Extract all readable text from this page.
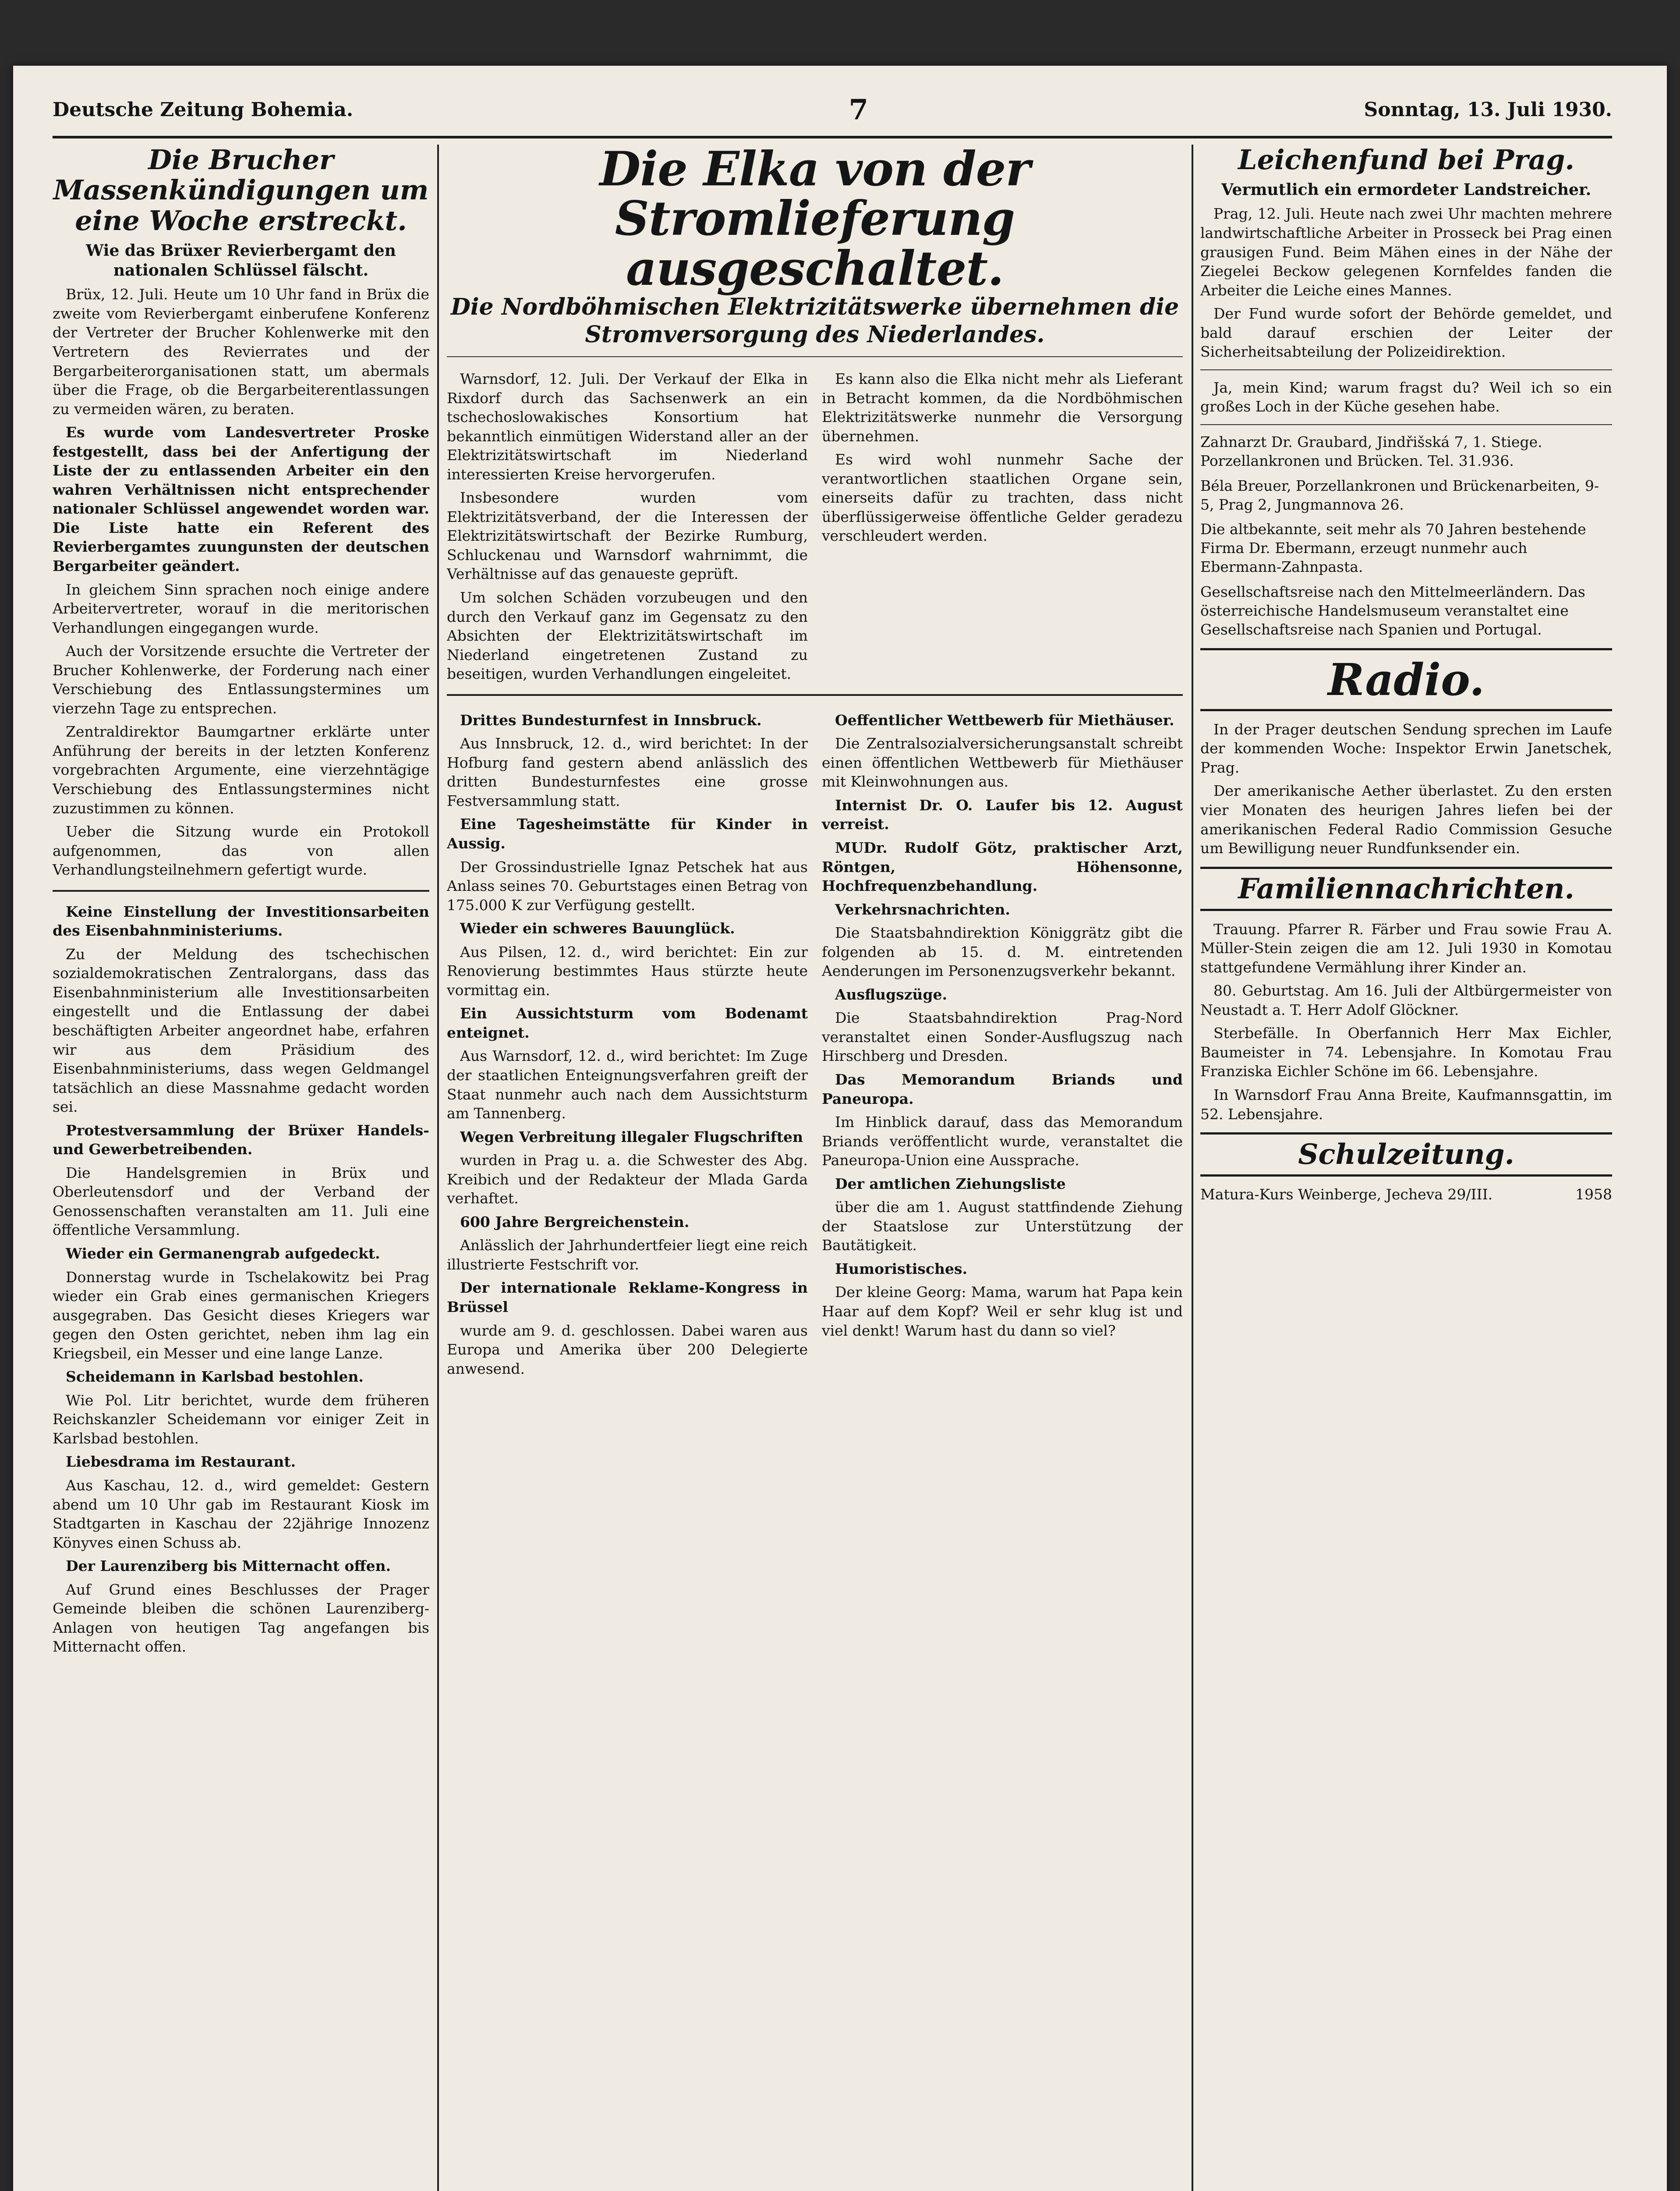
Deutsche Zeitung Bohemia.	7	Sonntag, 13. Juli 1930.
Die Brucher Massenkündigungen um eine Woche erstreckt.
Wie das Brüxer Revierbergamt den nationalen Schlüssel fälscht.

Brüx, 12. Juli. Heute um 10 Uhr fand in Brüx die zweite vom Revierbergamt einberufene Konferenz der Vertreter der Brucher Kohlenwerke mit den Vertretern des Revierrates und der Bergarbeiterorganisationen statt, um abermals über die Frage, ob die Bergarbeiterentlassungen zu vermeiden wären, zu beraten.

Es wurde vom Landesvertreter Proske festgestellt, dass bei der Anfertigung der Liste der zu entlassenden Arbeiter ein den wahren Verhältnissen nicht entsprechender nationaler Schlüssel angewendet worden war. Die Liste hatte ein Referent des Revierbergamtes zuungunsten der deutschen Bergarbeiter geändert.

In gleichem Sinn sprachen noch einige andere Arbeitervertreter, worauf in die meritorischen Verhandlungen eingegangen wurde.

Auch der Vorsitzende ersuchte die Vertreter der Brucher Kohlenwerke, der Forderung nach einer Verschiebung des Entlassungstermines um vierzehn Tage zu entsprechen.

Zentraldirektor Baumgartner erklärte unter Anführung der bereits in der letzten Konferenz vorgebrachten Argumente, eine vierzehntägige Verschiebung des Entlassungstermines nicht zuzustimmen zu können.

Ueber die Sitzung wurde ein Protokoll aufgenommen, das von allen Verhandlungsteilnehmern gefertigt wurde.

Keine Einstellung der Investitionsarbeiten des Eisenbahnministeriums.

Zu der Meldung des tschechischen sozialdemokratischen Zentralorgans, dass das Eisenbahnministerium alle Investitionsarbeiten eingestellt und die Entlassung der dabei beschäftigten Arbeiter angeordnet habe, erfahren wir aus dem Präsidium des Eisenbahnministeriums, dass wegen Geldmangel tatsächlich an diese Massnahme gedacht worden sei.

Protestversammlung der Brüxer Handels- und Gewerbetreibenden.

Die Handelsgremien in Brüx und Oberleutensdorf und der Verband der Genossenschaften veranstalten am 11. Juli eine öffentliche Versammlung.

Wieder ein Germanengrab aufgedeckt.

Donnerstag wurde in Tschelakowitz bei Prag wieder ein Grab eines germanischen Kriegers ausgegraben. Das Gesicht dieses Kriegers war gegen den Osten gerichtet, neben ihm lag ein Kriegsbeil, ein Messer und eine lange Lanze.

Scheidemann in Karlsbad bestohlen.

Wie Pol. Litr berichtet, wurde dem früheren Reichskanzler Scheidemann vor einiger Zeit in Karlsbad bestohlen.

Liebesdrama im Restaurant.

Aus Kaschau, 12. d., wird gemeldet: Gestern abend um 10 Uhr gab im Restaurant Kiosk im Stadtgarten in Kaschau der 22jährige Innozenz Könyves einen Schuss ab.

Der Laurenziberg bis Mitternacht offen.

Auf Grund eines Beschlusses der Prager Gemeinde bleiben die schönen Laurenziberg-Anlagen von heutigen Tag angefangen bis Mitternacht offen.

Die Elka von der Stromlieferung ausgeschaltet.
Die Nordböhmischen Elektrizitätswerke übernehmen die Stromversorgung des Niederlandes.

Warnsdorf, 12. Juli. Der Verkauf der Elka in Rixdorf durch das Sachsenwerk an ein tschechoslowakisches Konsortium hat bekanntlich einmütigen Widerstand aller an der Elektrizitätswirtschaft im Niederland interessierten Kreise hervorgerufen.

Insbesondere wurden vom Elektrizitätsverband, der die Interessen der Elektrizitätswirtschaft der Bezirke Rumburg, Schluckenau und Warnsdorf wahrnimmt, die Verhältnisse auf das genaueste geprüft.

Um solchen Schäden vorzubeugen und den durch den Verkauf ganz im Gegensatz zu den Absichten der Elektrizitätswirtschaft im Niederland eingetretenen Zustand zu beseitigen, wurden Verhandlungen eingeleitet.

Es kann also die Elka nicht mehr als Lieferant in Betracht kommen, da die Nordböhmischen Elektrizitätswerke nunmehr die Versorgung übernehmen.

Es wird wohl nunmehr Sache der verantwortlichen staatlichen Organe sein, einerseits dafür zu trachten, dass nicht überflüssigerweise öffentliche Gelder geradezu verschleudert werden.

Drittes Bundesturnfest in Innsbruck.

Aus Innsbruck, 12. d., wird berichtet: In der Hofburg fand gestern abend anlässlich des dritten Bundesturnfestes eine grosse Festversammlung statt.

Eine Tagesheimstätte für Kinder in Aussig.

Der Grossindustrielle Ignaz Petschek hat aus Anlass seines 70. Geburtstages einen Betrag von 175.000 K zur Verfügung gestellt.

Wieder ein schweres Bauunglück.

Aus Pilsen, 12. d., wird berichtet: Ein zur Renovierung bestimmtes Haus stürzte heute vormittag ein.

Ein Aussichtsturm vom Bodenamt enteignet.

Aus Warnsdorf, 12. d., wird berichtet: Im Zuge der staatlichen Enteignungsverfahren greift der Staat nunmehr auch nach dem Aussichtsturm am Tannenberg.

Wegen Verbreitung illegaler Flugschriften

wurden in Prag u. a. die Schwester des Abg. Kreibich und der Redakteur der Mlada Garda verhaftet.

600 Jahre Bergreichenstein.

Anlässlich der Jahrhundertfeier liegt eine reich illustrierte Festschrift vor.

Der internationale Reklame-Kongress in Brüssel

wurde am 9. d. geschlossen. Dabei waren aus Europa und Amerika über 200 Delegierte anwesend.

Oeffentlicher Wettbewerb für Miethäuser.

Die Zentralsozialversicherungsanstalt schreibt einen öffentlichen Wettbewerb für Miethäuser mit Kleinwohnungen aus.

Internist Dr. O. Laufer bis 12. August verreist.

MUDr. Rudolf Götz, praktischer Arzt, Röntgen, Höhensonne, Hochfrequenzbehandlung.

Verkehrsnachrichten.

Die Staatsbahndirektion Königgrätz gibt die folgenden ab 15. d. M. eintretenden Aenderungen im Personenzugsverkehr bekannt.

Ausflugszüge.

Die Staatsbahndirektion Prag-Nord veranstaltet einen Sonder-Ausflugszug nach Hirschberg und Dresden.

Das Memorandum Briands und Paneuropa.

Im Hinblick darauf, dass das Memorandum Briands veröffentlicht wurde, veranstaltet die Paneuropa-Union eine Aussprache.

Der amtlichen Ziehungsliste

über die am 1. August stattfindende Ziehung der Staatslose zur Unterstützung der Bautätigkeit.

Humoristisches.

Der kleine Georg: Mama, warum hat Papa kein Haar auf dem Kopf? Weil er sehr klug ist und viel denkt! Warum hast du dann so viel?

Leichenfund bei Prag.
Vermutlich ein ermordeter Landstreicher.

Prag, 12. Juli. Heute nach zwei Uhr machten mehrere landwirtschaftliche Arbeiter in Prosseck bei Prag einen grausigen Fund. Beim Mähen eines in der Nähe der Ziegelei Beckow gelegenen Kornfeldes fanden die Arbeiter die Leiche eines Mannes.

Der Fund wurde sofort der Behörde gemeldet, und bald darauf erschien der Leiter der Sicherheitsabteilung der Polizeidirektion.

Ja, mein Kind; warum fragst du? Weil ich so ein großes Loch in der Küche gesehen habe.

Zahnarzt Dr. Graubard, Jindřišská 7, 1. Stiege. Porzellankronen und Brücken. Tel. 31.936.
Béla Breuer, Porzellankronen und Brückenarbeiten, 9-5, Prag 2, Jungmannova 26.
Die altbekannte, seit mehr als 70 Jahren bestehende Firma Dr. Ebermann, erzeugt nunmehr auch Ebermann-Zahnpasta.
Gesellschaftsreise nach den Mittelmeerländern. Das österreichische Handelsmuseum veranstaltet eine Gesellschaftsreise nach Spanien und Portugal.
Radio.

In der Prager deutschen Sendung sprechen im Laufe der kommenden Woche: Inspektor Erwin Janetschek, Prag.

Der amerikanische Aether überlastet. Zu den ersten vier Monaten des heurigen Jahres liefen bei der amerikanischen Federal Radio Commission Gesuche um Bewilligung neuer Rundfunksender ein.

Familiennachrichten.

Trauung. Pfarrer R. Färber und Frau sowie Frau A. Müller-Stein zeigen die am 12. Juli 1930 in Komotau stattgefundene Vermählung ihrer Kinder an.

80. Geburtstag. Am 16. Juli der Altbürgermeister von Neustadt a. T. Herr Adolf Glöckner.

Sterbefälle. In Oberfannich Herr Max Eichler, Baumeister in 74. Lebensjahre. In Komotau Frau Franziska Eichler Schöne im 66. Lebensjahre.

In Warnsdorf Frau Anna Breite, Kaufmannsgattin, im 52. Lebensjahre.

Schulzeitung.
Matura-Kurs Weinberge, Jecheva 29/III.	1958
